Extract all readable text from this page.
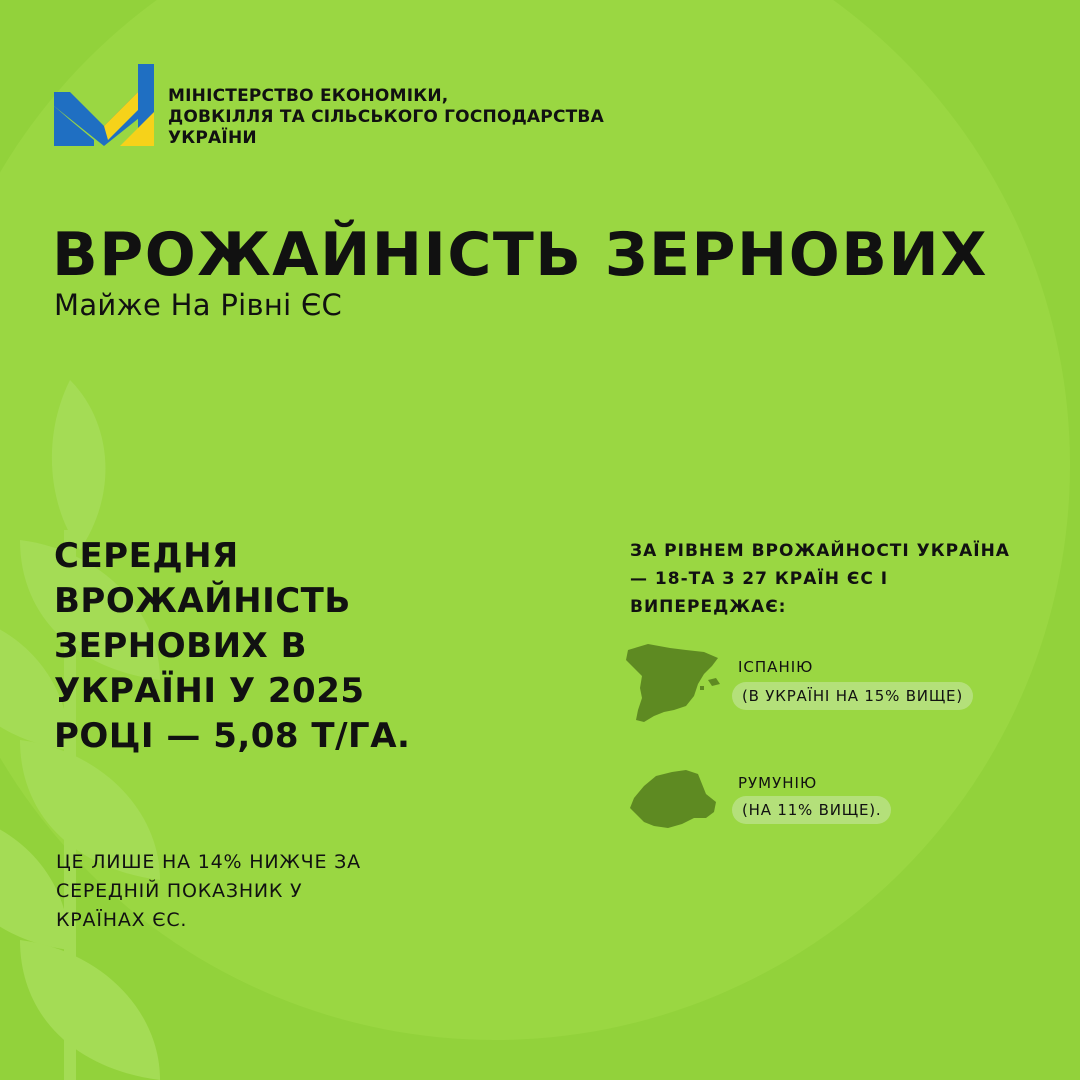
МІНІСТЕРСТВО ЕКОНОМІКИ,
ДОВКІЛЛЯ ТА СІЛЬСЬКОГО ГОСПОДАРСТВА
УКРАЇНИ
ВРОЖАЙНІСТЬ ЗЕРНОВИХ
Майже На Рівні ЄС
СЕРЕДНЯ ВРОЖАЙНІСТЬ ЗЕРНОВИХ В УКРАЇНІ У 2025 РОЦІ — 5,08 Т/ГА.
ЦЕ ЛИШЕ НА 14% НИЖЧЕ ЗА СЕРЕДНІЙ ПОКАЗНИК У КРАЇНАХ ЄС.
ЗА РІВНЕМ ВРОЖАЙНОСТІ УКРАЇНА — 18-ТА З 27 КРАЇН ЄС І ВИПЕРЕДЖАЄ:
ІСПАНІЮ
(В УКРАЇНІ НА 15% ВИЩЕ)
РУМУНІЮ
(НА 11% ВИЩЕ).
